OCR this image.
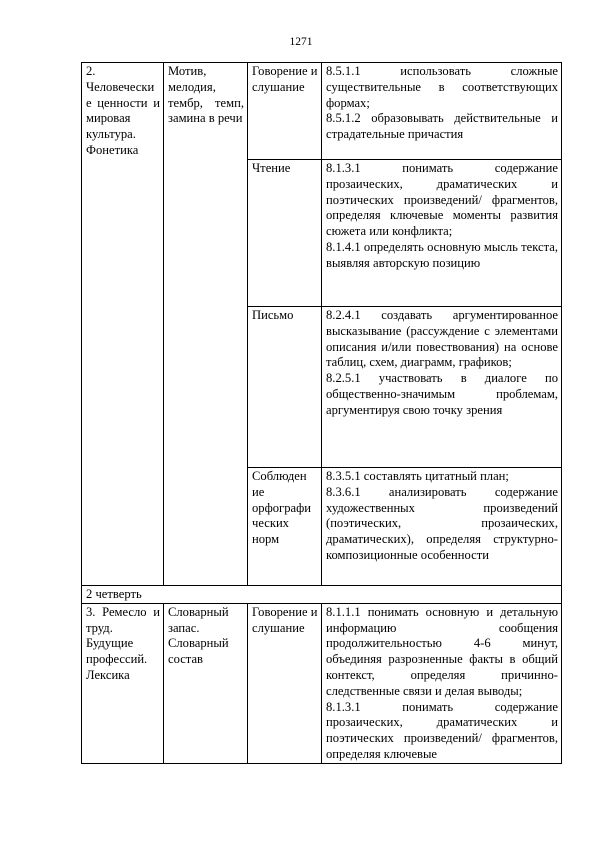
1271
2. Человечески е ценности и мировая культура. Фонетика	Мотив, мелодия, тембр, темп, замина в речи	Говорение и слушание	8.5.1.1 использовать сложные существительные в соответствующих формах;
8.5.1.2 образовывать действительные и страдательные причастия

		Чтение	8.1.3.1 понимать содержание прозаических, драматических и поэтических произведений/ фрагментов, определяя ключевые моменты развития сюжета или конфликта;
8.1.4.1 определять основную мысль текста, выявляя авторскую позицию

		Письмо	8.2.4.1 создавать аргументированное высказывание (рассуждение с элементами описания и/или повествования) на основе таблиц, схем, диаграмм, графиков;
8.2.5.1 участвовать в диалоге по общественно-значимым проблемам, аргументируя свою точку зрения

		Соблюден ие орфографи ческих норм	8.3.5.1 составлять цитатный план;
8.3.6.1 анализировать содержание художественных произведений (поэтических, прозаических, драматических), определяя структурно-композиционные особенности

2 четверть			
3. Ремесло и труд. Будущие профессий. Лексика	Словарный запас. Словарный состав	Говорение и слушание	8.1.1.1 понимать основную и детальную информацию сообщения продолжительностью 4-6 минут, объединяя разрозненные факты в общий контекст, определяя причинно-следственные связи и делая выводы;
8.1.3.1 понимать содержание прозаических, драматических и поэтических произведений/ фрагментов, определяя ключевые
